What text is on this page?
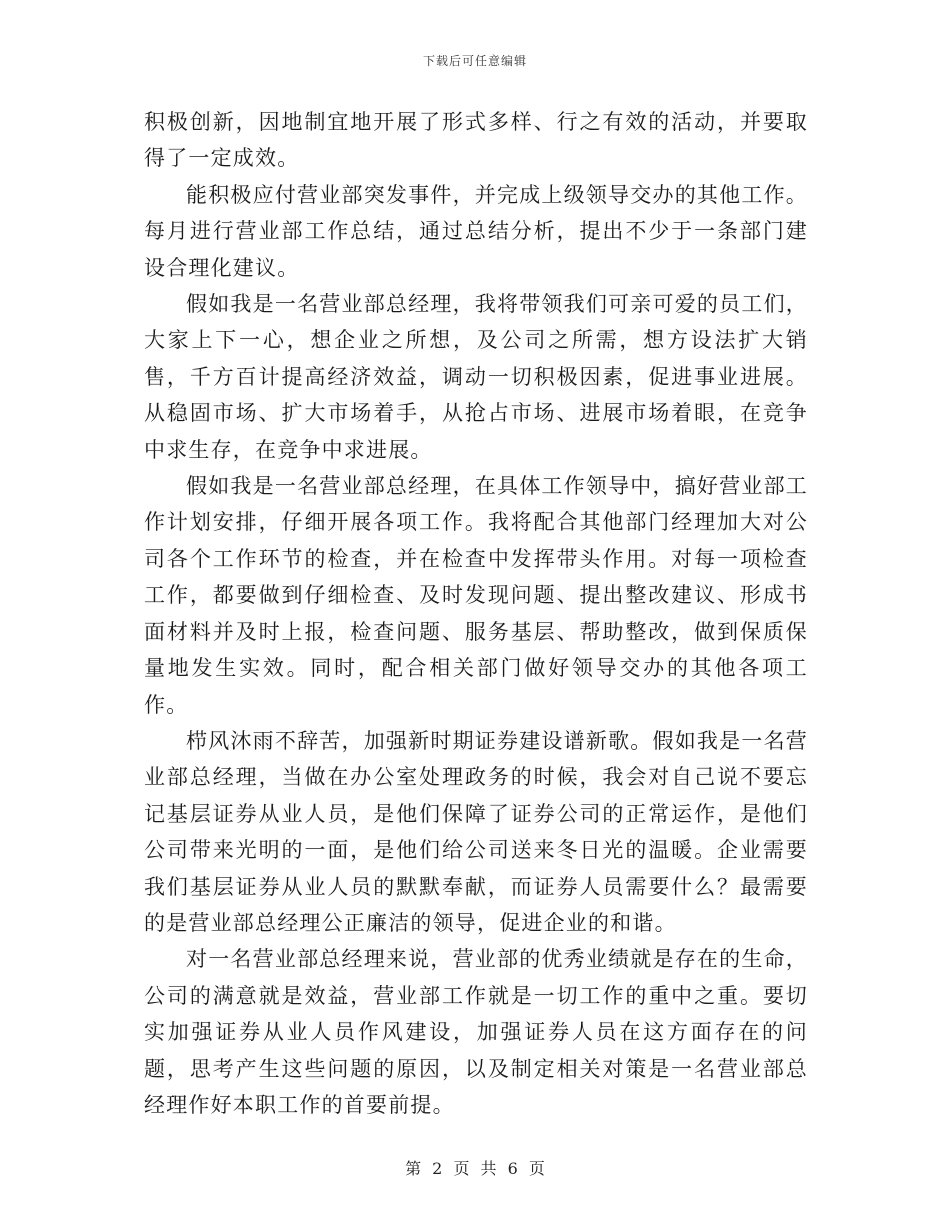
下载后可任意编辑

积极创新，因地制宜地开展了形式多样、行之有效的活动，并要取得了一定成效。

能积极应付营业部突发事件，并完成上级领导交办的其他工作。每月进行营业部工作总结，通过总结分析，提出不少于一条部门建设合理化建议。

假如我是一名营业部总经理，我将带领我们可亲可爱的员工们，大家上下一心，想企业之所想，及公司之所需，想方设法扩大销售，千方百计提高经济效益，调动一切积极因素，促进事业进展。从稳固市场、扩大市场着手，从抢占市场、进展市场着眼，在竞争中求生存，在竞争中求进展。

假如我是一名营业部总经理，在具体工作领导中，搞好营业部工作计划安排，仔细开展各项工作。我将配合其他部门经理加大对公司各个工作环节的检查，并在检查中发挥带头作用。对每一项检查工作，都要做到仔细检查、及时发现问题、提出整改建议、形成书面材料并及时上报，检查问题、服务基层、帮助整改，做到保质保量地发生实效。同时，配合相关部门做好领导交办的其他各项工作。

栉风沐雨不辞苦，加强新时期证券建设谱新歌。假如我是一名营业部总经理，当做在办公室处理政务的时候，我会对自己说不要忘记基层证券从业人员，是他们保障了证券公司的正常运作，是他们公司带来光明的一面，是他们给公司送来冬日光的温暖。企业需要我们基层证券从业人员的默默奉献，而证券人员需要什么？最需要的是营业部总经理公正廉洁的领导，促进企业的和谐。

对一名营业部总经理来说，营业部的优秀业绩就是存在的生命，公司的满意就是效益，营业部工作就是一切工作的重中之重。要切实加强证券从业人员作风建设，加强证券人员在这方面存在的问题，思考产生这些问题的原因，以及制定相关对策是一名营业部总经理作好本职工作的首要前提。

第 2 页 共 6 页
